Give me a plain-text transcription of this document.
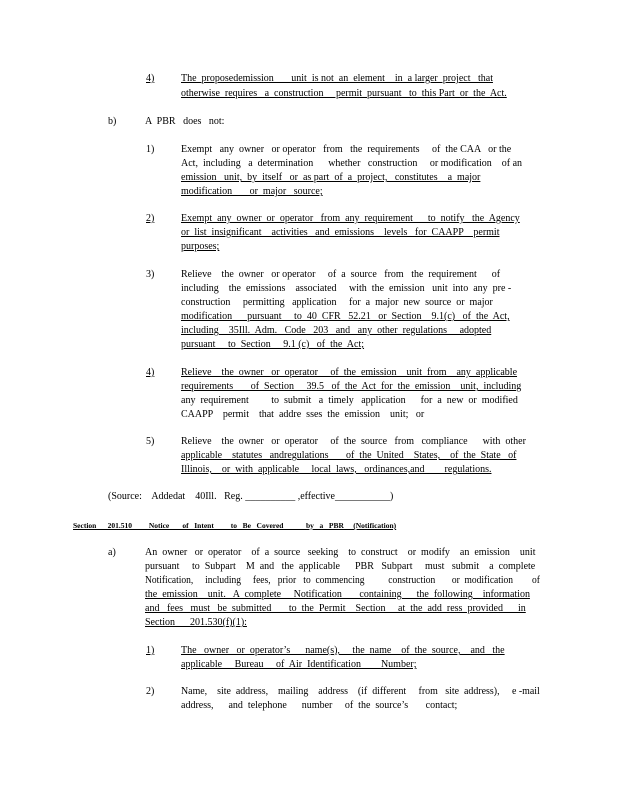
4)	The  proposedemission       unit  is not  an  element    in  a larger  project   that
otherwise  requires   a  construction     permit  pursuant   to  this Part  or  the  Act.
b)	A  PBR   does   not:
1)	Exempt   any  owner   or operator   from   the  requirements     of  the CAA   or the
Act,  including   a  determination      whether   construction     or modification    of an
emission   unit,  by  itself   or  as part  of  a  project,   constitutes    a  major
modification       or  major   source;
2)	Exempt  any  owner  or  operator   from  any  requirement      to  notify   the  Agency
or  list  insignificant    activities   and  emissions    levels   for  CAAPP    permit
purposes;
3)	Relieve    the  owner   or operator     of  a  source   from   the  requirement      of
including    the  emissions    associated     with  the  emission   unit  into  any  pre -
construction     permitting   application     for  a  major  new  source  or  major
modification      pursuant     to  40  CFR   52.21   or  Section    9.1(c)   of  the  Act,
including    35Ill.  Adm.   Code   203   and   any  other  regulations     adopted
pursuant     to  Section     9.1 (c)   of  the  Act;
4)	Relieve    the  owner   or  operator     of  the  emission    unit  from    any  applicable
requirements       of  Section     39.5   of  the  Act  for  the  emission    unit,  including
any  requirement         to  submit   a  timely   application      for  a  new  or  modified
CAAPP    permit    that  addre  sses  the  emission    unit;   or
5)	Relieve    the  owner   or  operator     of  the  source   from   compliance      with  other
applicable    statutes   andregulations       of  the  United    States,    of  the  State   of
Illinois,    or  with  applicable     local  laws,   ordinances,and        regulations.
(Source:    Addedat    40Ill.   Reg. __________ ,effective___________)
Section      201.510         Notice       of   Intent         to   Be   Covered            by   a   PBR     (Notification)
a)	An  owner   or  operator    of  a  source   seeking    to  construct    or  modify    an  emission    unit
pursuant     to  Subpart    M  and   the  applicable      PBR   Subpart     must   submit    a  complete
Notification,     including     fees,   prior   to  commencing          construction       or  modification        of
the  emission    unit.   A  complete     Notification       containing      the  following    information
and   fees   must   be  submitted       to  the  Permit    Section     at  the  add  ress  provided      in
Section      201.530(f)(1):
1)	The   owner   or  operator’s      name(s),     the  name    of  the  source,    and   the
applicable     Bureau     of  Air  Identification        Number;
2)	Name,    site  address,    mailing    address    (if  different     from   site  address),     e -mail
address,      and  telephone      number     of  the  source’s       contact;
